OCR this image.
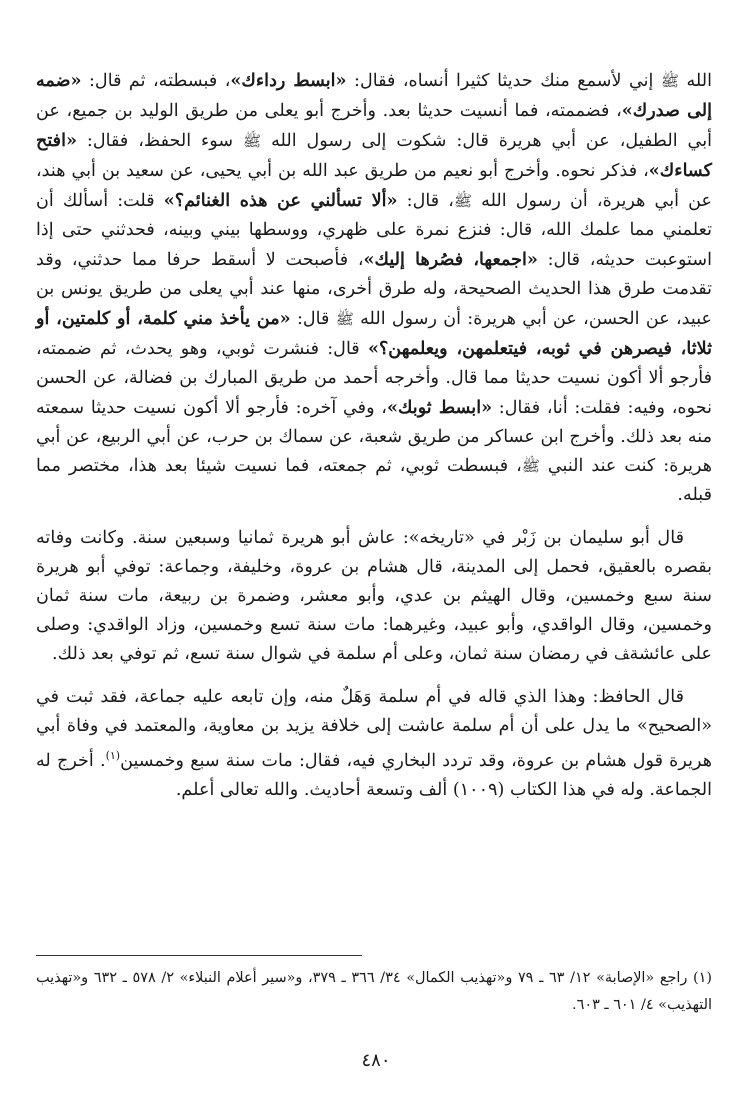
الله ﷺ إني لأسمع منك حديثا كثيرا أنساه، فقال: «ابسط رداءك»، فبسطته، ثم قال: «ضمه إلى صدرك»، فضممته، فما أنسيت حديثا بعد. وأخرج أبو يعلى من طريق الوليد بن جميع، عن أبي الطفيل، عن أبي هريرة قال: شكوت إلى رسول الله ﷺ سوء الحفظ، فقال: «افتح كساءك»، فذكر نحوه. وأخرج أبو نعيم من طريق عبد الله بن أبي يحيى، عن سعيد بن أبي هند، عن أبي هريرة، أن رسول الله ﷺ، قال: «ألا تسألني عن هذه الغنائم؟» قلت: أسألك أن تعلمني مما علمك الله، قال: فنزع نمرة على ظهري، ووسطها بيني وبينه، فحدثني حتى إذا استوعبت حديثه، قال: «اجمعها، فصُرها إليك»، فأصبحت لا أسقط حرفا مما حدثني، وقد تقدمت طرق هذا الحديث الصحيحة، وله طرق أخرى، منها عند أبي يعلى من طريق يونس بن عبيد، عن الحسن، عن أبي هريرة: أن رسول الله ﷺ قال: «من يأخذ مني كلمة، أو كلمتين، أو ثلاثا، فيصرهن في ثوبه، فيتعلمهن، ويعلمهن؟» قال: فنشرت ثوبي، وهو يحدث، ثم ضممته، فأرجو ألا أكون نسيت حديثا مما قال. وأخرجه أحمد من طريق المبارك بن فضالة، عن الحسن نحوه، وفيه: فقلت: أنا، فقال: «ابسط ثوبك»، وفي آخره: فأرجو ألا أكون نسيت حديثا سمعته منه بعد ذلك. وأخرج ابن عساكر من طريق شعبة، عن سماك بن حرب، عن أبي الربيع، عن أبي هريرة: كنت عند النبي ﷺ، فبسطت ثوبي، ثم جمعته، فما نسيت شيئا بعد هذا، مختصر مما قبله.

قال أبو سليمان بن زَبْر في «تاريخه»: عاش أبو هريرة ثمانيا وسبعين سنة. وكانت وفاته بقصره بالعقيق، فحمل إلى المدينة، قال هشام بن عروة، وخليفة، وجماعة: توفي أبو هريرة سنة سبع وخمسين، وقال الهيثم بن عدي، وأبو معشر، وضمرة بن ربيعة، مات سنة ثمان وخمسين، وقال الواقدي، وأبو عبيد، وغيرهما: مات سنة تسع وخمسين، وزاد الواقدي: وصلى على عائشةﭫ في رمضان سنة ثمان، وعلى أم سلمة في شوال سنة تسع، ثم توفي بعد ذلك.

قال الحافظ: وهذا الذي قاله في أم سلمة وَهَلٌ منه، وإن تابعه عليه جماعة، فقد ثبت في «الصحيح» ما يدل على أن أم سلمة عاشت إلى خلافة يزيد بن معاوية، والمعتمد في وفاة أبي هريرة قول هشام بن عروة، وقد تردد البخاري فيه، فقال: مات سنة سبع وخمسين$^{(١)}$. أخرج له الجماعة. وله في هذا الكتاب (١٠٠٩) ألف وتسعة أحاديث. والله تعالى أعلم.

(١) راجع «الإصابة» ١٢/ ٦٣ ـ ٧٩ و«تهذيب الكمال» ٣٤/ ٣٦٦ ـ ٣٧٩، و«سير أعلام النبلاء» ٢/ ٥٧٨ ـ ٦٣٢ و«تهذيب التهذيب» ٤/ ٦٠١ ـ ٦٠٣.

٤٨٠
